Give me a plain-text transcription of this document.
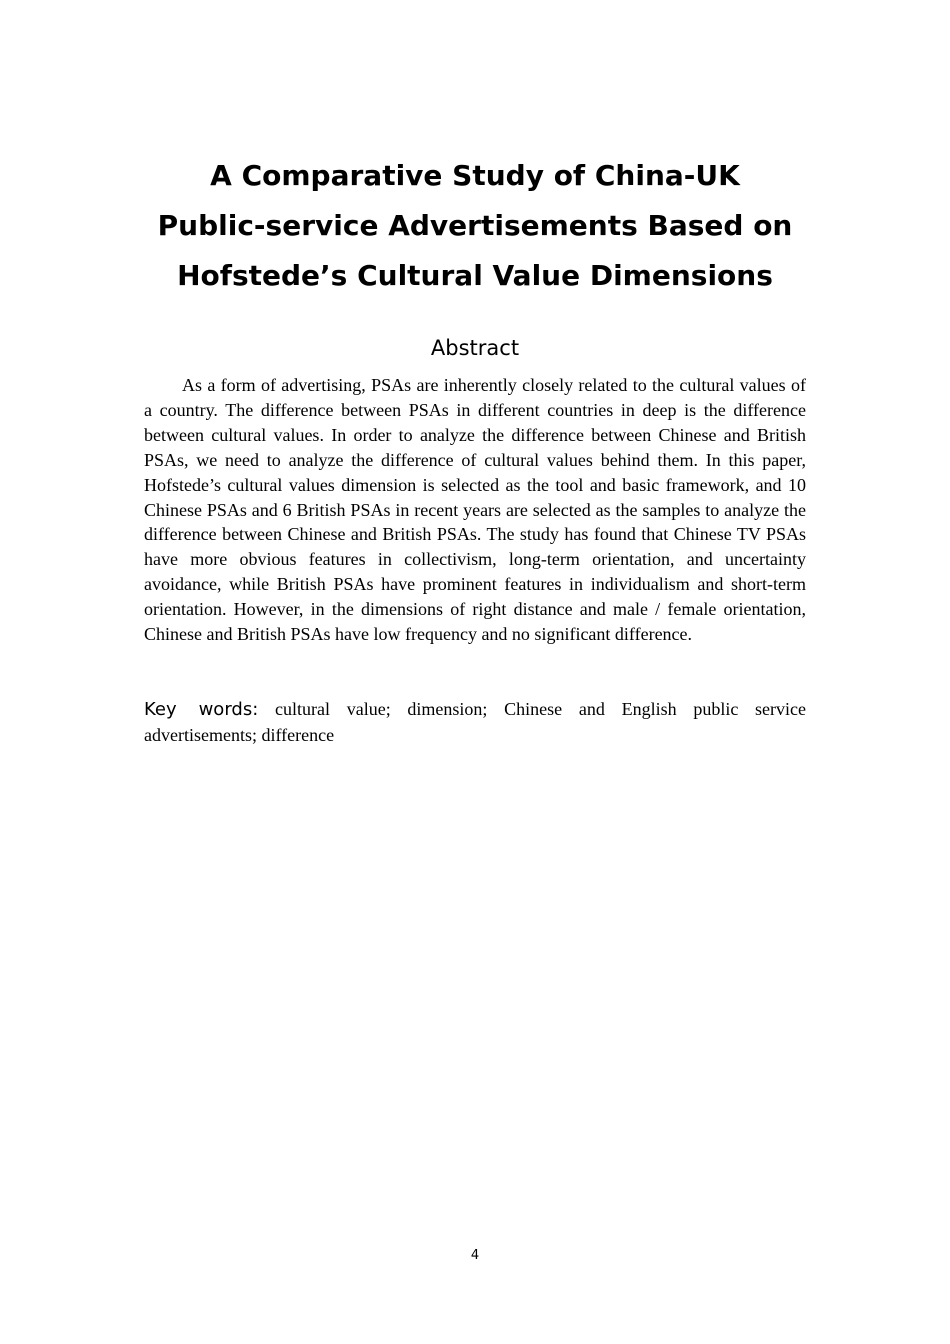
A Comparative Study of China-UK
Public-service Advertisements Based on
Hofstede’s Cultural Value Dimensions
Abstract

As a form of advertising, PSAs are inherently closely related to the cultural values of a country. The difference between PSAs in different countries in deep is the difference between cultural values. In order to analyze the difference between Chinese and British PSAs, we need to analyze the difference of cultural values behind them. In this paper, Hofstede’s cultural values dimension is selected as the tool and basic framework, and 10 Chinese PSAs and 6 British PSAs in recent years are selected as the samples to analyze the difference between Chinese and British PSAs. The study has found that Chinese TV PSAs have more obvious features in collectivism, long-term orientation, and uncertainty avoidance, while British PSAs have prominent features in individualism and short-term orientation. However, in the dimensions of right distance and male / female orientation, Chinese and British PSAs have low frequency and no significant difference.

Key words: cultural value; dimension; Chinese and English public service advertisements; difference

4
